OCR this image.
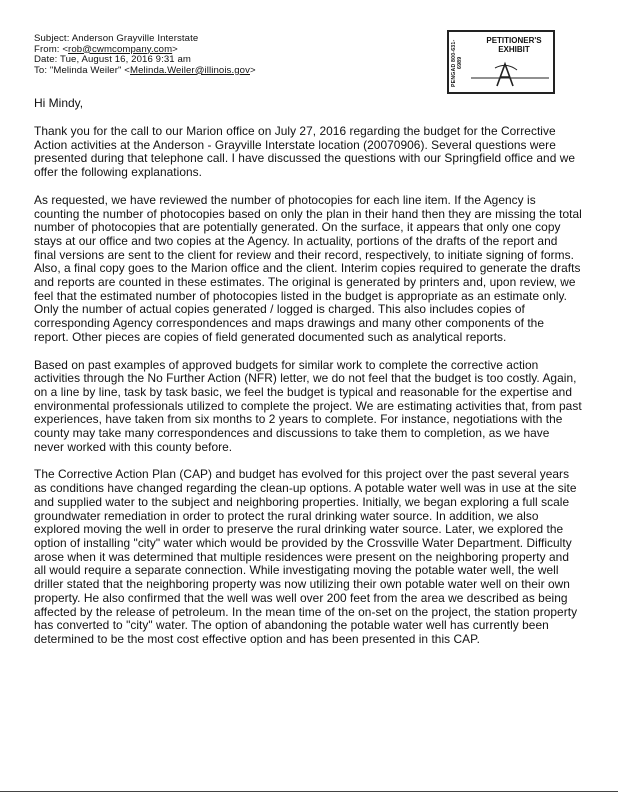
Subject: Anderson Grayville Interstate
From: <rob@cwmcompany.com>
Date: Tue, August 16, 2016 9:31 am
To: "Melinda Weiler" <Melinda.Weiler@illinois.gov>	PENGAD 800-631-6989
PETITIONER'S EXHIBIT
Hi Mindy,

Thank you for the call to our Marion office on July 27, 2016 regarding the budget for the Corrective Action activities at the Anderson - Grayville Interstate location (20070906). Several questions were presented during that telephone call. I have discussed the questions with our Springfield office and we offer the following explanations.

As requested, we have reviewed the number of photocopies for each line item. If the Agency is counting the number of photocopies based on only the plan in their hand then they are missing the total number of photocopies that are potentially generated. On the surface, it appears that only one copy stays at our office and two copies at the Agency. In actuality, portions of the drafts of the report and final versions are sent to the client for review and their record, respectively, to initiate signing of forms. Also, a final copy goes to the Marion office and the client. Interim copies required to generate the drafts and reports are counted in these estimates. The original is generated by printers and, upon review, we feel that the estimated number of photocopies listed in the budget is appropriate as an estimate only. Only the number of actual copies generated / logged is charged. This also includes copies of corresponding Agency correspondences and maps drawings and many other components of the report. Other pieces are copies of field generated documented such as analytical reports.

Based on past examples of approved budgets for similar work to complete the corrective action activities through the No Further Action (NFR) letter, we do not feel that the budget is too costly. Again, on a line by line, task by task basic, we feel the budget is typical and reasonable for the expertise and environmental professionals utilized to complete the project. We are estimating activities that, from past experiences, have taken from six months to 2 years to complete. For instance, negotiations with the county may take many correspondences and discussions to take them to completion, as we have never worked with this county before.

The Corrective Action Plan (CAP) and budget has evolved for this project over the past several years as conditions have changed regarding the clean-up options. A potable water well was in use at the site and supplied water to the subject and neighboring properties. Initially, we began exploring a full scale groundwater remediation in order to protect the rural drinking water source. In addition, we also explored moving the well in order to preserve the rural drinking water source. Later, we explored the option of installing "city" water which would be provided by the Crossville Water Department. Difficulty arose when it was determined that multiple residences were present on the neighboring property and all would require a separate connection. While investigating moving the potable water well, the well driller stated that the neighboring property was now utilizing their own potable water well on their own property. He also confirmed that the well was well over 200 feet from the area we described as being affected by the release of petroleum. In the mean time of the on-set on the project, the station property has converted to "city" water. The option of abandoning the potable water well has currently been determined to be the most cost effective option and has been presented in this CAP.
